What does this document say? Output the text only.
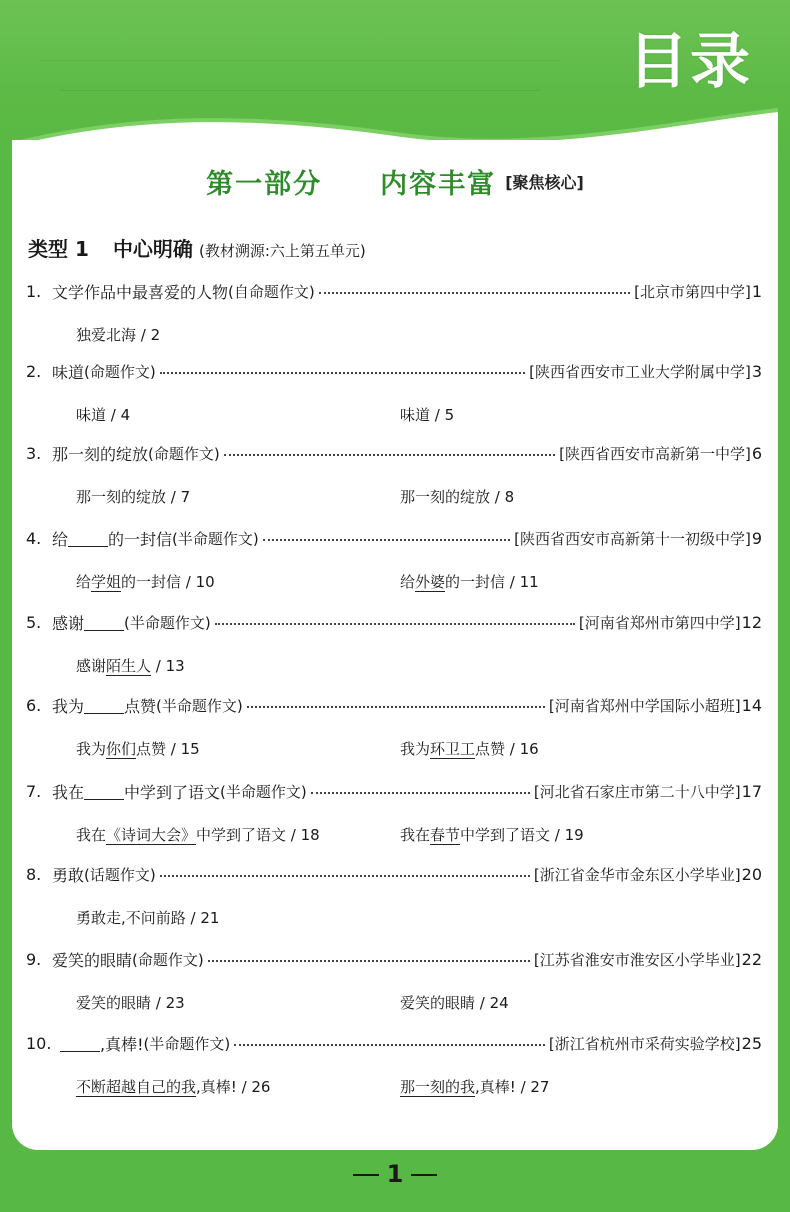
目录
第一部分　　内容丰富 [聚焦核心]
类型 1 中心明确 (教材溯源:六上第五单元)
1. 文学作品中最喜爱的人物 (自命题作文)	[北京市第四中学] 1
独爱北海 / 2
2. 味道 (命题作文)	[陕西省西安市工业大学附属中学] 3
味道 / 4	味道 / 5
3. 那一刻的绽放 (命题作文)	[陕西省西安市高新第一中学] 6
那一刻的绽放 / 7	那一刻的绽放 / 8
4. 给	的一封信 (半命题作文)	[陕西省西安市高新第十一初级中学] 9
给学姐的一封信 / 10	给外婆的一封信 / 11
5. 感谢	(半命题作文)	[河南省郑州市第四中学] 12
感谢陌生人 / 13
6. 我为	点赞 (半命题作文)	[河南省郑州中学国际小超班] 14
我为你们点赞 / 15	我为环卫工点赞 / 16
7. 我在	中学到了语文 (半命题作文)	[河北省石家庄市第二十八中学] 17
我在《诗词大会》中学到了语文 / 18	我在春节中学到了语文 / 19
8. 勇敢 (话题作文)	[浙江省金华市金东区小学毕业] 20
勇敢走,不问前路 / 21
9. 爱笑的眼睛 (命题作文)	[江苏省淮安市淮安区小学毕业] 22
爱笑的眼睛 / 23	爱笑的眼睛 / 24
10.	,真棒! (半命题作文)	[浙江省杭州市采荷实验学校] 25
不断超越自己的我,真棒! / 26	那一刻的我,真棒! / 27
1
